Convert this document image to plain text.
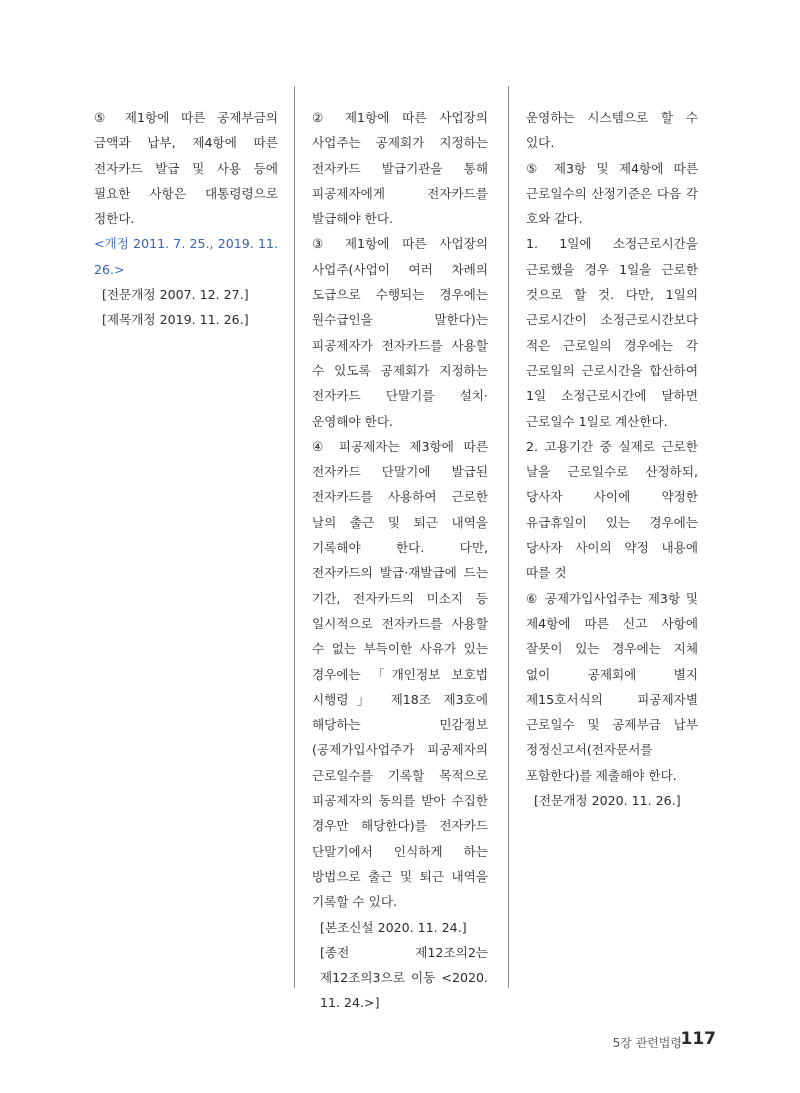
⑤ 제1항에 따른 공제부금의 금액과 납부, 제4항에 따른 전자카드 발급 및 사용 등에 필요한 사항은 대통령령으로 정한다.

<개정 2011. 7. 25., 2019. 11. 26.>

[전문개정 2007. 12. 27.]

[제목개정 2019. 11. 26.]

② 제1항에 따른 사업장의 사업주는 공제회가 지정하는 전자카드 발급기관을 통해 피공제자에게 전자카드를 발급해야 한다.

③ 제1항에 따른 사업장의 사업주(사업이 여러 차례의 도급으로 수행되는 경우에는 원수급인을 말한다)는 피공제자가 전자카드를 사용할 수 있도록 공제회가 지정하는 전자카드 단말기를 설치·운영해야 한다.

④ 피공제자는 제3항에 따른 전자카드 단말기에 발급된 전자카드를 사용하여 근로한 날의 출근 및 퇴근 내역을 기록해야 한다. 다만, 전자카드의 발급·재발급에 드는 기간, 전자카드의 미소지 등 일시적으로 전자카드를 사용할 수 없는 부득이한 사유가 있는 경우에는 「개인정보 보호법 시행령」 제18조 제3호에 해당하는 민감정보(공제가입사업주가 피공제자의 근로일수를 기록할 목적으로 피공제자의 동의를 받아 수집한 경우만 해당한다)를 전자카드 단말기에서 인식하게 하는 방법으로 출근 및 퇴근 내역을 기록할 수 있다.

[본조신설 2020. 11. 24.]

[종전 제12조의2는 제12조의3으로 이동 <2020. 11. 24.>]

운영하는 시스템으로 할 수 있다.

⑤ 제3항 및 제4항에 따른 근로일수의 산정기준은 다음 각 호와 같다.

1. 1일에 소정근로시간을 근로했을 경우 1일을 근로한 것으로 할 것. 다만, 1일의 근로시간이 소정근로시간보다 적은 근로일의 경우에는 각 근로일의 근로시간을 합산하여 1일 소정근로시간에 달하면 근로일수 1일로 계산한다.

2. 고용기간 중 실제로 근로한 날을 근로일수로 산정하되, 당사자 사이에 약정한 유급휴일이 있는 경우에는 당사자 사이의 약정 내용에 따를 것

⑥ 공제가입사업주는 제3항 및 제4항에 따른 신고 사항에 잘못이 있는 경우에는 지체 없이 공제회에 별지 제15호서식의 피공제자별 근로일수 및 공제부금 납부 정정신고서(전자문서를 포함한다)를 제출해야 한다.

[전문개정 2020. 11. 26.]

5장 관련법령
117
